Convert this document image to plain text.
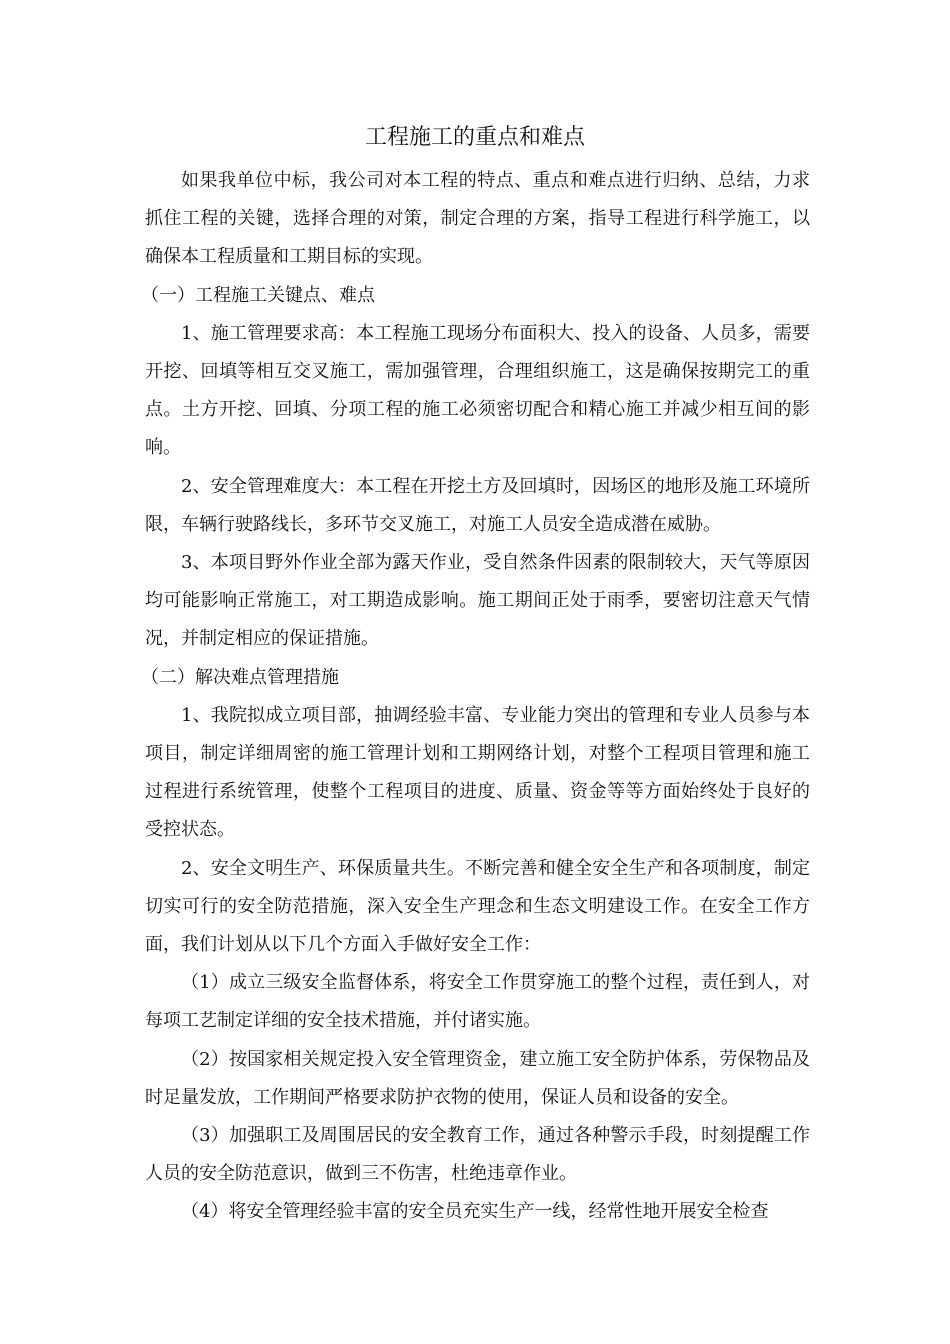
工程施工的重点和难点

如果我单位中标，我公司对本工程的特点、重点和难点进行归纳、总结，力求抓住工程的关键，选择合理的对策，制定合理的方案，指导工程进行科学施工，以确保本工程质量和工期目标的实现。

（一）工程施工关键点、难点

1、施工管理要求高：本工程施工现场分布面积大、投入的设备、人员多，需要开挖、回填等相互交叉施工，需加强管理，合理组织施工，这是确保按期完工的重点。土方开挖、回填、分项工程的施工必须密切配合和精心施工并减少相互间的影响。

2、安全管理难度大：本工程在开挖土方及回填时，因场区的地形及施工环境所限，车辆行驶路线长，多环节交叉施工，对施工人员安全造成潜在威胁。

3、本项目野外作业全部为露天作业，受自然条件因素的限制较大，天气等原因均可能影响正常施工，对工期造成影响。施工期间正处于雨季，要密切注意天气情况，并制定相应的保证措施。

（二）解决难点管理措施

1、我院拟成立项目部，抽调经验丰富、专业能力突出的管理和专业人员参与本项目，制定详细周密的施工管理计划和工期网络计划，对整个工程项目管理和施工过程进行系统管理，使整个工程项目的进度、质量、资金等等方面始终处于良好的受控状态。

2、安全文明生产、环保质量共生。不断完善和健全安全生产和各项制度，制定切实可行的安全防范措施，深入安全生产理念和生态文明建设工作。在安全工作方面，我们计划从以下几个方面入手做好安全工作：

（1）成立三级安全监督体系，将安全工作贯穿施工的整个过程，责任到人，对每项工艺制定详细的安全技术措施，并付诸实施。

（2）按国家相关规定投入安全管理资金，建立施工安全防护体系，劳保物品及时足量发放，工作期间严格要求防护衣物的使用，保证人员和设备的安全。

（3）加强职工及周围居民的安全教育工作，通过各种警示手段，时刻提醒工作人员的安全防范意识，做到三不伤害，杜绝违章作业。

（4）将安全管理经验丰富的安全员充实生产一线，经常性地开展安全检查
